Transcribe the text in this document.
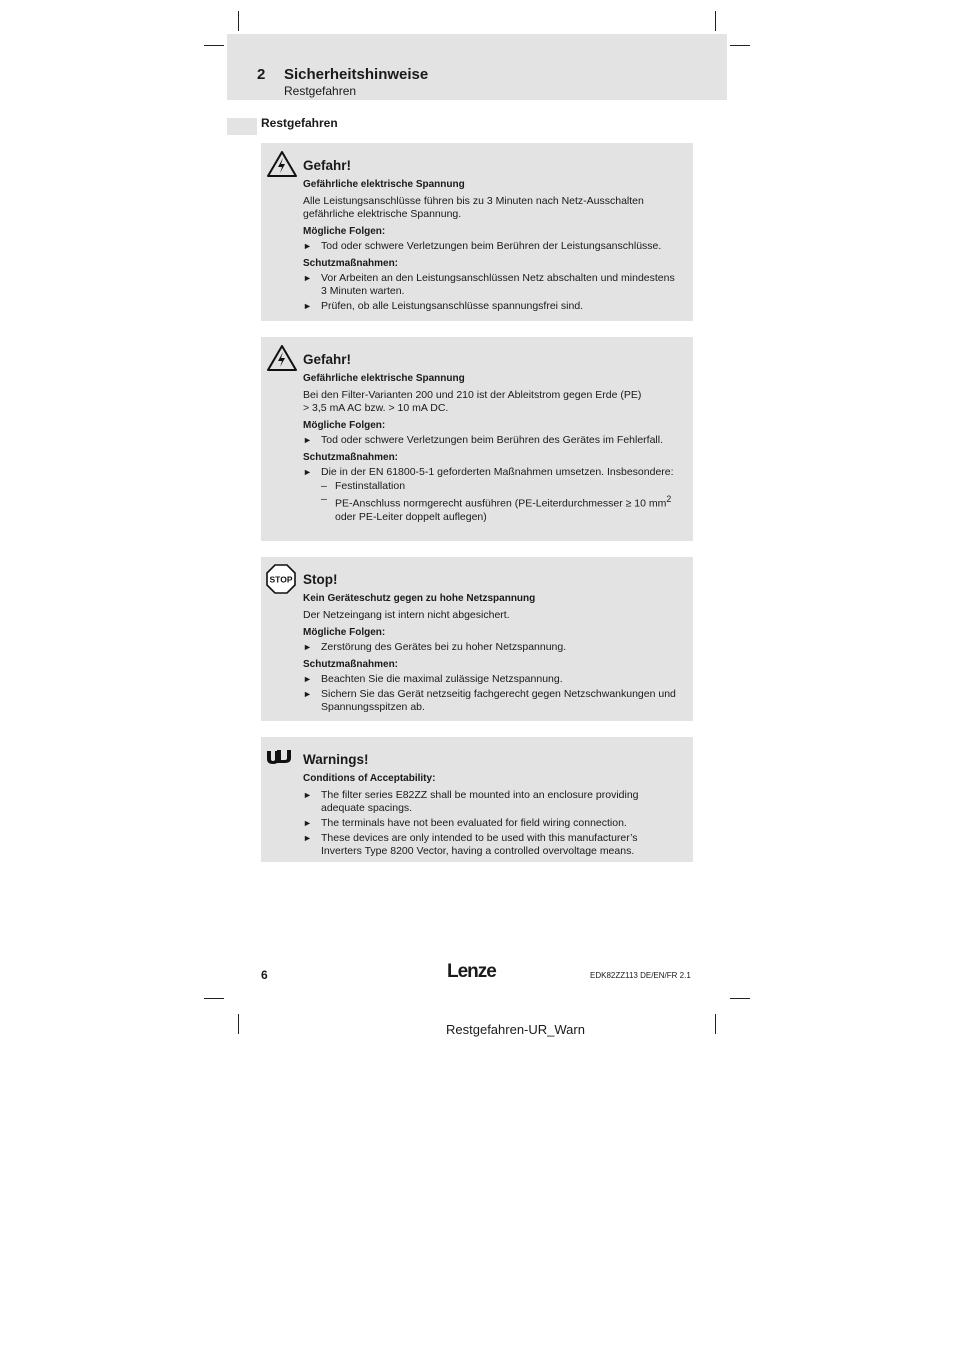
2 Sicherheitshinweise
Restgefahren
Restgefahren
Gefahr!
Gefährliche elektrische Spannung
Alle Leistungsanschlüsse führen bis zu 3 Minuten nach Netz-Ausschalten gefährliche elektrische Spannung.
Mögliche Folgen:
► Tod oder schwere Verletzungen beim Berühren der Leistungsanschlüsse.
Schutzmaßnahmen:
► Vor Arbeiten an den Leistungsanschlüssen Netz abschalten und mindestens 3 Minuten warten.
► Prüfen, ob alle Leistungsanschlüsse spannungsfrei sind.
Gefahr!
Gefährliche elektrische Spannung
Bei den Filter-Varianten 200 und 210 ist der Ableitstrom gegen Erde (PE)
> 3,5 mA AC bzw. > 10 mA DC.
Mögliche Folgen:
► Tod oder schwere Verletzungen beim Berühren des Gerätes im Fehlerfall.
Schutzmaßnahmen:
► Die in der EN 61800-5-1 geforderten Maßnahmen umsetzen. Insbesondere:
– Festinstallation
– PE-Anschluss normgerecht ausführen (PE-Leiterdurchmesser ≥ 10 $mm^2$
oder PE-Leiter doppelt auflegen)
STOP Stop!
Kein Geräteschutz gegen zu hohe Netzspannung
Der Netzeingang ist intern nicht abgesichert.
Mögliche Folgen:
► Zerstörung des Gerätes bei zu hoher Netzspannung.
Schutzmaßnahmen:
► Beachten Sie die maximal zulässige Netzspannung.
► Sichern Sie das Gerät netzseitig fachgerecht gegen Netzschwankungen und Spannungsspitzen ab.
Warnings!
Conditions of Acceptability:
► The filter series E82ZZ shall be mounted into an enclosure providing adequate spacings.
► The terminals have not been evaluated for field wiring connection.
► These devices are only intended to be used with this manufacturer’s Inverters Type 8200 Vector, having a controlled overvoltage means.
6	Lenze	EDK82ZZ113 DE/EN/FR 2.1
Restgefahren-UR_Warn
